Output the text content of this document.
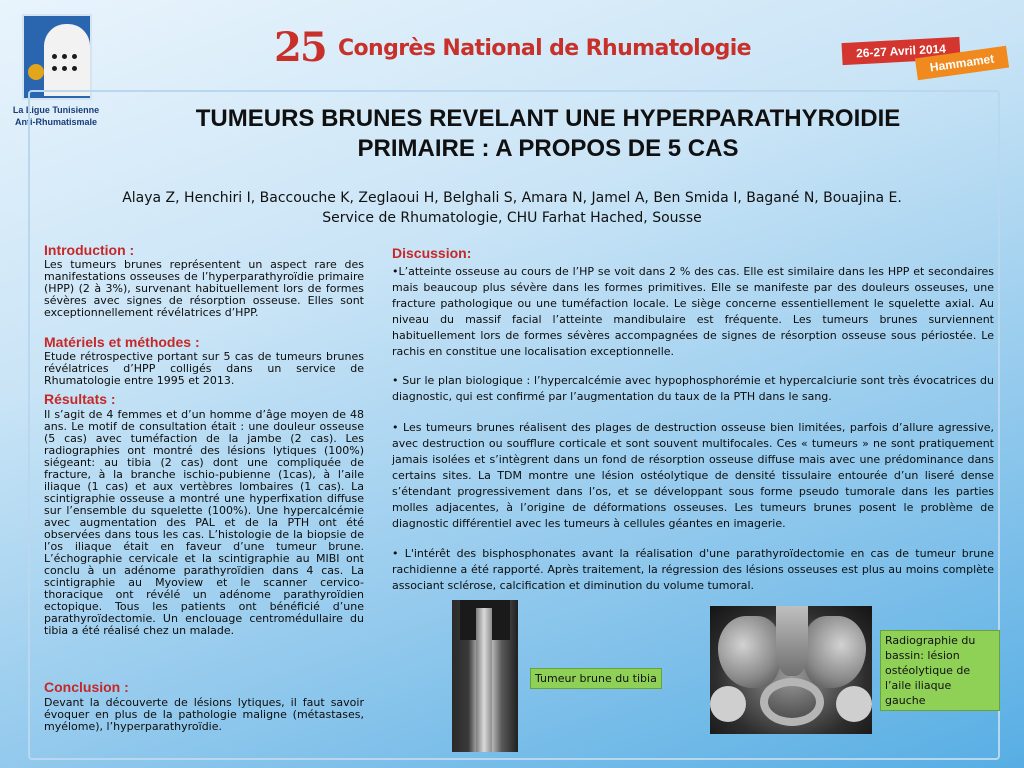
La Ligue Tunisienne
Anti-Rhumatismale
25 Congrès National de Rhumatologie	26-27 Avril 2014
Hammamet
TUMEURS BRUNES REVELANT UNE HYPERPARATHYROIDIE
PRIMAIRE : A PROPOS DE 5 CAS
Alaya Z, Henchiri I, Baccouche K, Zeglaoui H, Belghali S, Amara N, Jamel A, Ben Smida I, Bagané N, Bouajina E.
Service de Rhumatologie, CHU Farhat Hached, Sousse
Introduction :
Les tumeurs brunes représentent un aspect rare des manifestations osseuses de l’hyperparathyroïdie primaire (HPP) (2 à 3%), survenant habituellement lors de formes sévères avec signes de résorption osseuse. Elles sont exceptionnellement révélatrices d’HPP.
Matériels et méthodes :
Etude rétrospective portant sur 5 cas de tumeurs brunes révélatrices d’HPP colligés dans un service de Rhumatologie entre 1995 et 2013.
Résultats :
Il s’agit de 4 femmes et d’un homme d’âge moyen de 48 ans. Le motif de consultation était : une douleur osseuse (5 cas) avec tuméfaction de la jambe (2 cas). Les radiographies ont montré des lésions lytiques (100%) siégeant: au tibia (2 cas) dont une compliquée de fracture, à la branche ischio-pubienne (1cas), à l’aile iliaque (1 cas) et aux vertèbres lombaires (1 cas). La scintigraphie osseuse a montré une hyperfixation diffuse sur l’ensemble du squelette (100%). Une hypercalcémie avec augmentation des PAL et de la PTH ont été observées dans tous les cas. L’histologie de la biopsie de l’os iliaque était en faveur d’une tumeur brune. L’échographie cervicale et la scintigraphie au MIBI ont conclu à un adénome parathyroïdien dans 4 cas. La scintigraphie au Myoview et le scanner cervico-thoracique ont révélé un adénome parathyroïdien ectopique. Tous les patients ont bénéficié d’une parathyroïdectomie. Un enclouage centromédullaire du tibia a été réalisé chez un malade.
Conclusion :
Devant la découverte de lésions lytiques, il faut savoir évoquer en plus de la pathologie maligne (métastases, myélome), l’hyperparathyroïdie.
Discussion:
•L’atteinte osseuse au cours de l’HP se voit dans 2 % des cas. Elle est similaire dans les HPP et secondaires mais beaucoup plus sévère dans les formes primitives. Elle se manifeste par des douleurs osseuses, une fracture pathologique ou une tuméfaction locale. Le siège concerne essentiellement le squelette axial. Au niveau du massif facial l’atteinte mandibulaire est fréquente. Les tumeurs brunes surviennent habituellement lors de formes sévères accompagnées de signes de résorption osseuse sous périostée. Le rachis en constitue une localisation exceptionnelle.
• Sur le plan biologique : l’hypercalcémie avec hypophosphorémie et hypercalciurie sont très évocatrices du diagnostic, qui est confirmé par l’augmentation du taux de la PTH dans le sang.
• Les tumeurs brunes réalisent des plages de destruction osseuse bien limitées, parfois d’allure agressive, avec destruction ou soufflure corticale et sont souvent multifocales. Ces « tumeurs » ne sont pratiquement jamais isolées et s’intègrent dans un fond de résorption osseuse diffuse mais avec une prédominance dans certains sites. La TDM montre une lésion ostéolytique de densité tissulaire entourée d’un liseré dense s’étendant progressivement dans l’os, et se développant sous forme pseudo tumorale dans les parties molles adjacentes, à l’origine de déformations osseuses. Les tumeurs brunes posent le problème de diagnostic différentiel avec les tumeurs à cellules géantes en imagerie.
• L'intérêt des bisphosphonates avant la réalisation d'une parathyroïdectomie en cas de tumeur brune rachidienne a été rapporté. Après traitement, la régression des lésions osseuses est plus au moins complète associant sclérose, calcification et diminution du volume tumoral.
Tumeur brune du tibia
Radiographie du bassin: lésion ostéolytique de l’aile iliaque gauche
